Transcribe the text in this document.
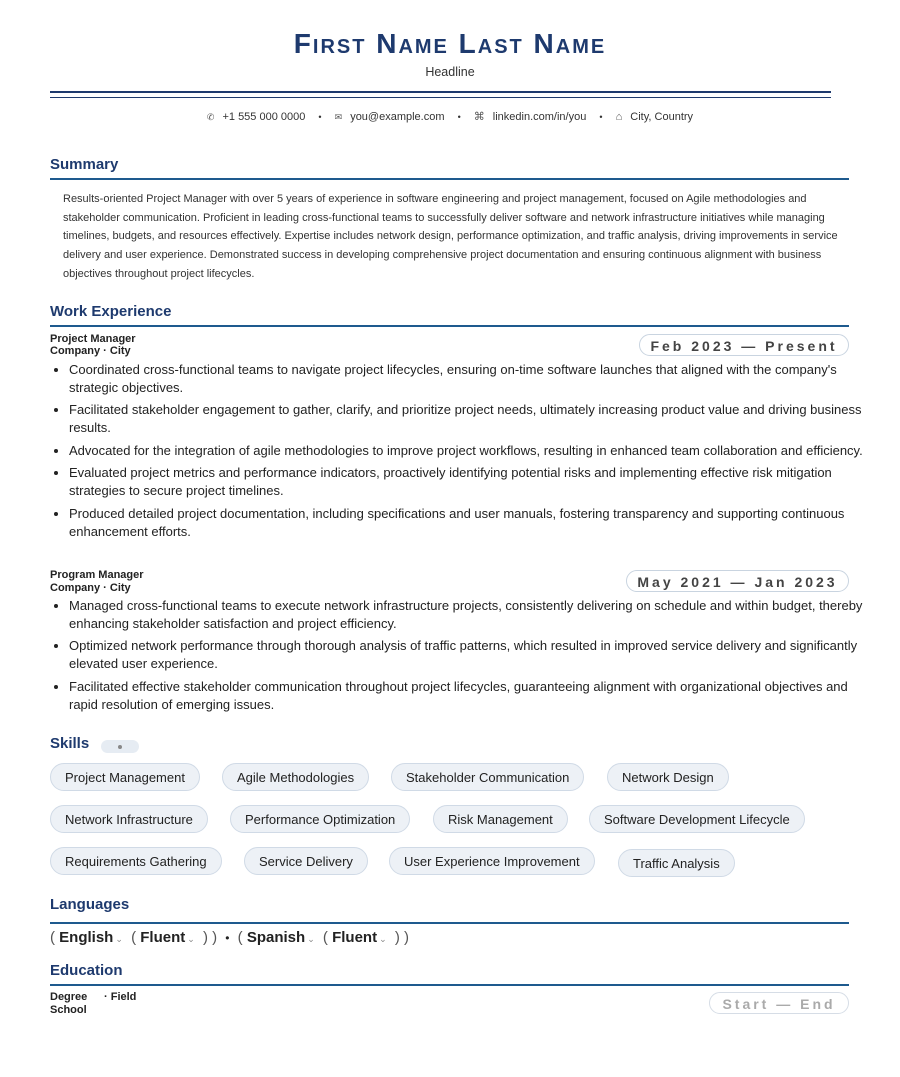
First Name Last Name
Headline
✆ +1 555 000 0000 • ✉ you@example.com • ⌘ linkedin.com/in/you • ⌂ City, Country
Summary
Results-oriented Project Manager with over 5 years of experience in software engineering and project management, focused on Agile methodologies and stakeholder communication. Proficient in leading cross-functional teams to successfully deliver software and network infrastructure initiatives while managing timelines, budgets, and resources effectively. Expertise includes network design, performance optimization, and traffic analysis, driving improvements in service delivery and user experience. Demonstrated success in developing comprehensive project documentation and ensuring continuous alignment with business objectives throughout project lifecycles.
Work Experience
Project Manager
Company · City	Feb 2023 — Present
• Coordinated cross-functional teams to navigate project lifecycles, ensuring on-time software launches that aligned with the company's strategic objectives.
• Facilitated stakeholder engagement to gather, clarify, and prioritize project needs, ultimately increasing product value and driving business results.
• Advocated for the integration of agile methodologies to improve project workflows, resulting in enhanced team collaboration and efficiency.
• Evaluated project metrics and performance indicators, proactively identifying potential risks and implementing effective risk mitigation strategies to secure project timelines.
• Produced detailed project documentation, including specifications and user manuals, fostering transparency and supporting continuous enhancement efforts.
Program Manager
Company · City	May 2021 — Jan 2023
• Managed cross-functional teams to execute network infrastructure projects, consistently delivering on schedule and within budget, thereby enhancing stakeholder satisfaction and project efficiency.
• Optimized network performance through thorough analysis of traffic patterns, which resulted in improved service delivery and significantly elevated user experience.
• Facilitated effective stakeholder communication throughout project lifecycles, guaranteeing alignment with organizational objectives and rapid resolution of emerging issues.
Skills
Project Management	Agile Methodologies	Stakeholder Communication	Network Design
Network Infrastructure	Performance Optimization	Risk Management	Software Development Lifecycle
Requirements Gathering	Service Delivery	User Experience Improvement	Traffic Analysis
Languages
( English ⌄ ( Fluent ⌄ ) ) • ( Spanish ⌄ ( Fluent ⌄ ) )
Education
Degree · Field
School	Start — End
